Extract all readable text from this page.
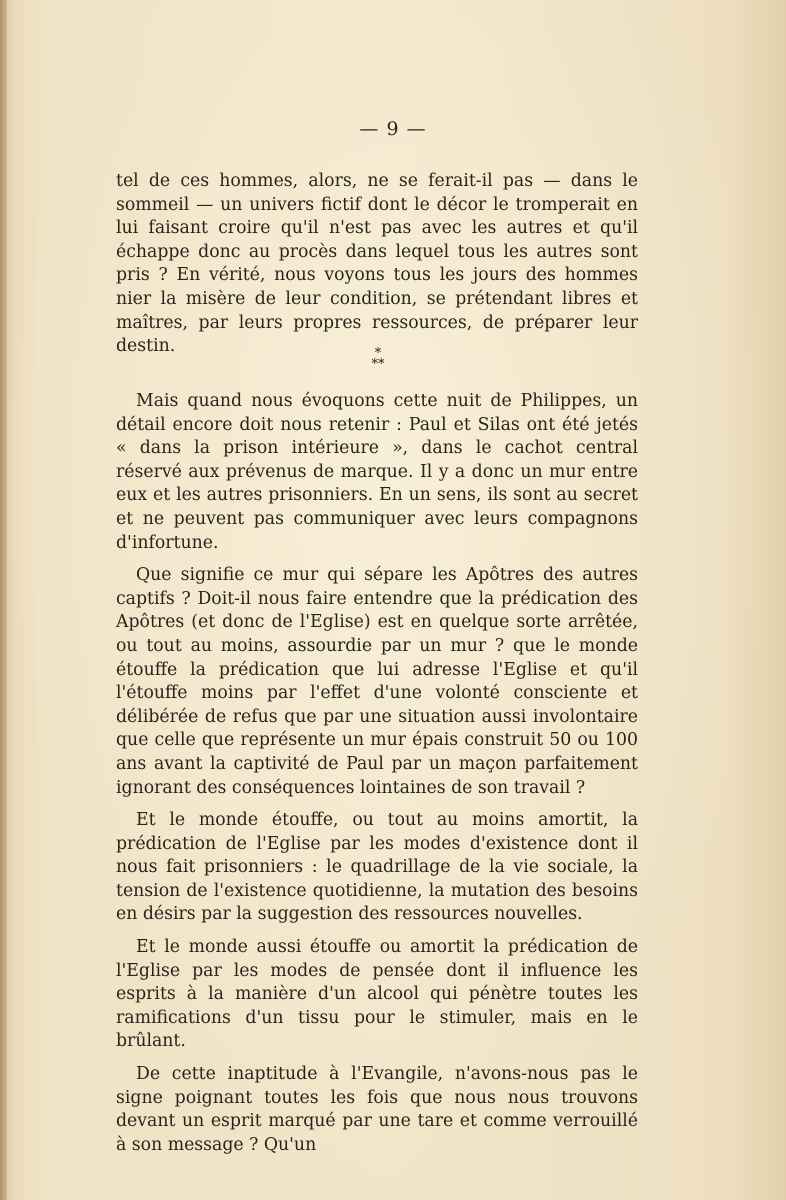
— 9 —

tel de ces hommes, alors, ne se ferait-il pas — dans le sommeil — un univers fictif dont le décor le tromperait en lui faisant croire qu'il n'est pas avec les autres et qu'il échappe donc au procès dans lequel tous les autres sont pris ? En vérité, nous voyons tous les jours des hommes nier la misère de leur condition, se prétendant libres et maîtres, par leurs propres ressources, de préparer leur destin.	*
**

Mais quand nous évoquons cette nuit de Philippes, un détail encore doit nous retenir : Paul et Silas ont été jetés « dans la prison intérieure », dans le cachot central réservé aux prévenus de marque. Il y a donc un mur entre eux et les autres prisonniers. En un sens, ils sont au secret et ne peuvent pas communiquer avec leurs compagnons d'infortune.

Que signifie ce mur qui sépare les Apôtres des autres captifs ? Doit-il nous faire entendre que la prédication des Apôtres (et donc de l'Eglise) est en quelque sorte arrêtée, ou tout au moins, assourdie par un mur ? que le monde étouffe la prédication que lui adresse l'Eglise et qu'il l'étouffe moins par l'effet d'une volonté consciente et délibérée de refus que par une situation aussi involontaire que celle que représente un mur épais construit 50 ou 100 ans avant la captivité de Paul par un maçon parfaitement ignorant des conséquences lointaines de son travail ?

Et le monde étouffe, ou tout au moins amortit, la prédication de l'Eglise par les modes d'existence dont il nous fait prisonniers : le quadrillage de la vie sociale, la tension de l'existence quotidienne, la mutation des besoins en désirs par la suggestion des ressources nouvelles.

Et le monde aussi étouffe ou amortit la prédication de l'Eglise par les modes de pensée dont il influence les esprits à la manière d'un alcool qui pénètre toutes les ramifications d'un tissu pour le stimuler, mais en le brûlant.

De cette inaptitude à l'Evangile, n'avons-nous pas le signe poignant toutes les fois que nous nous trouvons devant un esprit marqué par une tare et comme verrouillé à son message ? Qu'un
